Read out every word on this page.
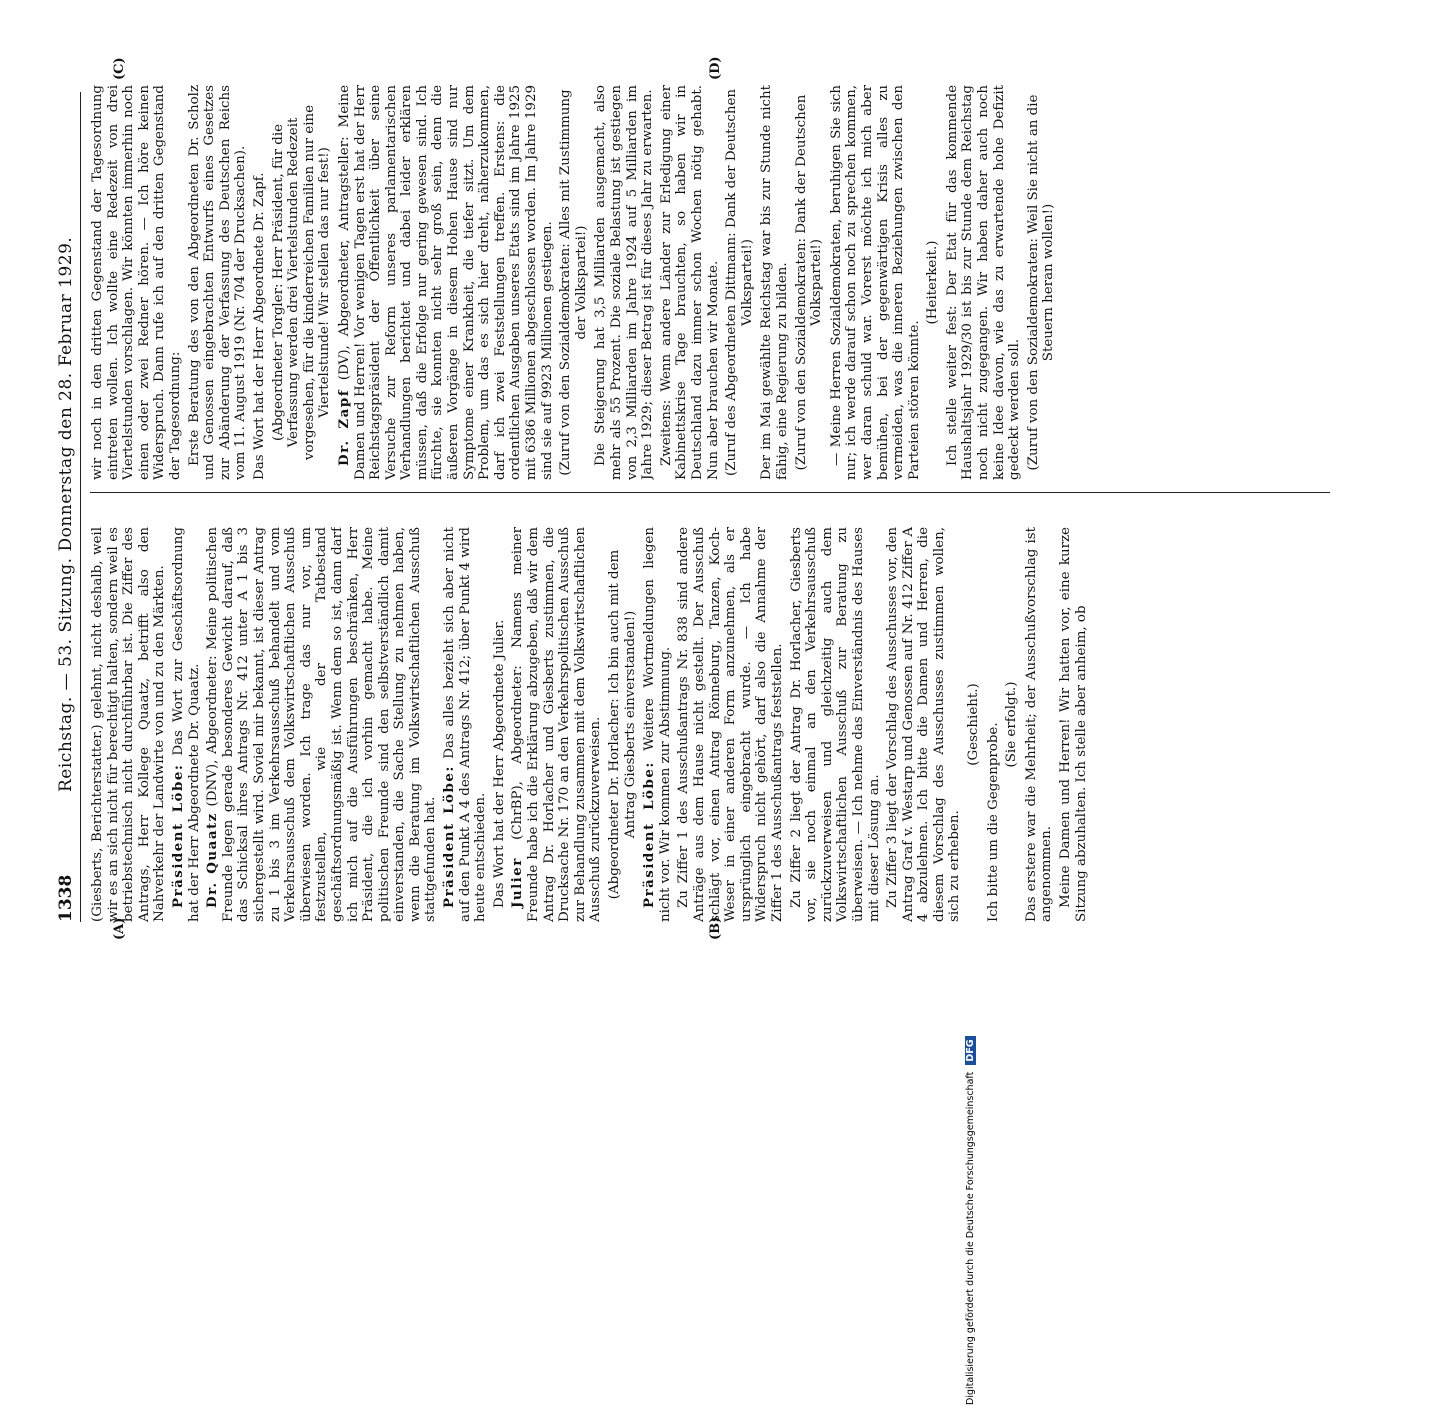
1338
Reichstag. — 53. Sitzung. Donnerstag den 28. Februar 1929.
(A)	(B)
(C)	(D)

(Giesberts, Berichterstatter.) gelehnt, nicht deshalb, weil wir es an sich nicht für berechtigt halten, sondern weil es betriebstechnisch nicht durchführbar ist. Die Ziffer des Antrags, Herr Kollege Quaatz, betrifft also den Nahverkehr der Landwirte von und zu den Märkten. Präsident Löbe: Das Wort zur Geschäftsordnung hat der Herr Abgeordnete Dr. Quaatz. Dr. Quaatz (DNV), Abgeordneter: Meine politischen Freunde legen gerade besonderes Gewicht darauf, daß das Schicksal ihres Antrags Nr. 412 unter A 1 bis 3 sichergestellt wird. Soviel mir bekannt, ist dieser Antrag zu 1 bis 3 im Verkehrsausschuß behandelt und vom Verkehrsausschuß dem Volkswirtschaftlichen Ausschuß überwiesen worden. Ich trage das nur vor, um festzustellen, wie der Tatbestand geschäftsordnungsmäßig ist. Wenn dem so ist, dann darf ich mich auf die Ausführungen beschränken, Herr Präsident, die ich vorhin gemacht habe. Meine politischen Freunde sind den selbstverständlich damit einverstanden, die Sache Stellung zu nehmen haben, wenn die Beratung im Volkswirtschaftlichen Ausschuß stattgefunden hat. Präsident Löbe: Das alles bezieht sich aber nicht auf den Punkt A 4 des Antrags Nr. 412; über Punkt 4 wird heute entschieden. Das Wort hat der Herr Abgeordnete Julier. Julier (ChrBP), Abgeordneter: Namens meiner Freunde habe ich die Erklärung abzugeben, daß wir dem Antrag Dr. Horlacher und Giesberts zustimmen, die Drucksache Nr. 170 an den Verkehrspolitischen Ausschuß zur Behandlung zusammen mit dem Volkswirtschaftlichen Ausschuß zurückzuverweisen. (Abgeordneter Dr. Horlacher: Ich bin auch mit dem Antrag Giesberts einverstanden!) Präsident Löbe: Weitere Wortmeldungen liegen nicht vor. Wir kommen zur Abstimmung. Zu Ziffer 1 des Ausschußantrags Nr. 838 sind andere Anträge aus dem Hause nicht gestellt. Der Ausschuß schlägt vor, einen Antrag Rönneburg, Tanzen, Koch-Weser in einer anderen Form anzunehmen, als er ursprünglich eingebracht wurde. — Ich habe Widerspruch nicht gehört, darf also die Annahme der Ziffer 1 des Ausschußantrags feststellen. Zu Ziffer 2 liegt der Antrag Dr. Horlacher, Giesberts vor, sie noch einmal an den Verkehrsausschuß zurückzuverweisen und gleichzeitig auch dem Volkswirtschaftlichen Ausschuß zur Beratung zu überweisen. — Ich nehme das Einverständnis des Hauses mit dieser Lösung an. Zu Ziffer 3 liegt der Vorschlag des Ausschusses vor, den Antrag Graf v. Westarp und Genossen auf Nr. 412 Ziffer A 4 abzulehnen. Ich bitte die Damen und Herren, die diesem Vorschlag des Ausschusses zustimmen wollen, sich zu erheben.

(Geschieht.) Ich bitte um die Gegenprobe. (Sie erfolgt.) Das erstere war die Mehrheit; der Ausschußvorschlag ist angenommen. Meine Damen und Herren! Wir hatten vor, eine kurze Sitzung abzuhalten. Ich stelle aber anheim, ob

wir noch in den dritten Gegenstand der Tagesordnung eintreten wollen. Ich wollte eine Redezeit von drei Viertelstunden vorschlagen. Wir könnten immerhin noch einen oder zwei Redner hören. — Ich höre keinen Widerspruch. Dann rufe ich auf den dritten Gegenstand der Tagesordnung: Erste Beratung des von den Abgeordneten Dr. Scholz und Genossen eingebrachten Entwurfs eines Gesetzes zur Abänderung der Verfassung des Deutschen Reichs vom 11. August 1919 (Nr. 704 der Drucksachen). Das Wort hat der Herr Abgeordnete Dr. Zapf. (Abgeordneter Torgler: Herr Präsident, für die Verfassung werden drei Viertelstunden Redezeit vorgesehen, für die kinderreichen Familien nur eine Viertelstunde! Wir stellen das nur fest!)

Dr. Zapf (DV), Abgeordneter, Antragsteller: Meine Damen und Herren! Vor wenigen Tagen erst hat der Herr Reichstagspräsident der Öffentlichkeit über seine Versuche zur Reform unseres parlamentarischen Verhandlungen berichtet und dabei leider erklären müssen, daß die Erfolge nur gering gewesen sind. Ich fürchte, sie konnten nicht sehr groß sein, denn die äußeren Vorgänge in diesem Hohen Hause sind nur Symptome einer Krankheit, die tiefer sitzt. Um dem Problem, um das es sich hier dreht, näherzukommen, darf ich zwei Feststellungen treffen. Erstens: die ordentlichen Ausgaben unseres Etats sind im Jahre 1925 mit 6386 Millionen abgeschlossen worden. Im Jahre 1929 sind sie auf 9923 Millionen gestiegen. (Zuruf von den Sozialdemokraten: Alles mit Zustimmung der Volkspartei!) Die Steigerung hat 3,5 Milliarden ausgemacht, also mehr als 55 Prozent. Die soziale Belastung ist gestiegen von 2,3 Milliarden im Jahre 1924 auf 5 Milliarden im Jahre 1929; dieser Betrag ist für dieses Jahr zu erwarten. Zweitens: Wenn andere Länder zur Erledigung einer Kabinettskrise Tage brauchten, so haben wir in Deutschland dazu immer schon Wochen nötig gehabt. Nun aber brauchen wir Monate. (Zuruf des Abgeordneten Dittmann: Dank der Deutschen Volkspartei!) Der im Mai gewählte Reichstag war bis zur Stunde nicht fähig, eine Regierung zu bilden. (Zuruf von den Sozialdemokraten: Dank der Deutschen Volkspartei!) — Meine Herren Sozialdemokraten, beruhigen Sie sich nur; ich werde darauf schon noch zu sprechen kommen, wer daran schuld war. Vorerst möchte ich mich aber bemühen, bei der gegenwärtigen Krisis alles zu vermeiden, was die inneren Beziehungen zwischen den Parteien stören könnte.

(Heiterkeit.) Ich stelle weiter fest: Der Etat für das kommende Haushaltsjahr 1929/30 ist bis zur Stunde dem Reichstag noch nicht zugegangen. Wir haben daher auch noch keine Idee davon, wie das zu erwartende hohe Defizit gedeckt werden soll. (Zuruf von den Sozialdemokraten: Weil Sie nicht an die Steuern heran wollen!)

Digitalisierung gefördert durch die Deutsche Forschungsgemeinschaft DFG
